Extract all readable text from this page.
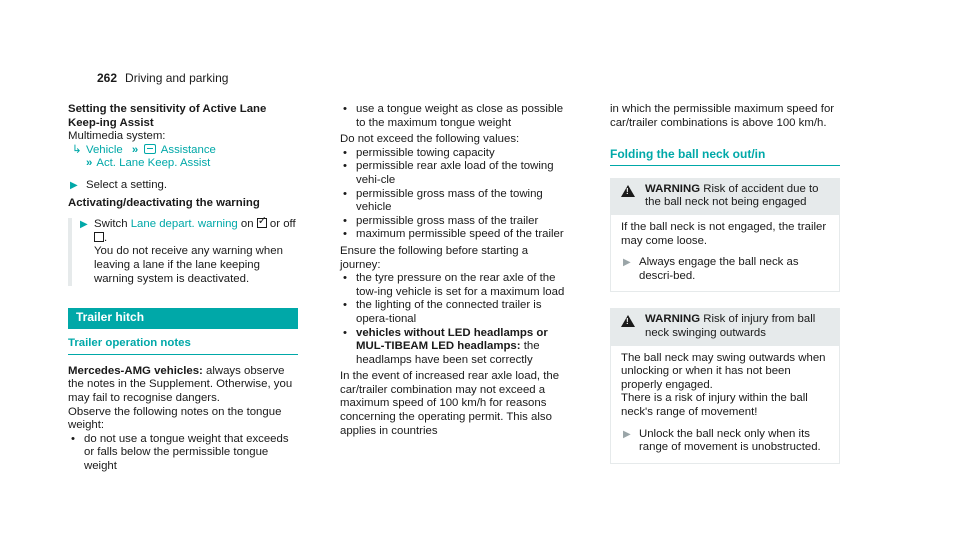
262 Driving and parking

Setting the sensitivity of Active Lane Keep-ing Assist

Multimedia system:

↳ Vehicle » Assistance
» Act. Lane Keep. Assist
▶ Select a setting.

Activating/deactivating the warning

▶ Switch Lane depart. warning on ✓ or off .

You do not receive any warning when leaving a lane if the lane keeping warning system is deactivated.

Trailer hitch
Trailer operation notes

Mercedes-AMG vehicles: always observe the notes in the Supplement. Otherwise, you may fail to recognise dangers.

Observe the following notes on the tongue weight:

• do not use a tongue weight that exceeds or falls below the permissible tongue weight
• use a tongue weight as close as possible to the maximum tongue weight

Do not exceed the following values:

• permissible towing capacity
• permissible rear axle load of the towing vehi-cle
• permissible gross mass of the towing vehicle
• permissible gross mass of the trailer
• maximum permissible speed of the trailer

Ensure the following before starting a journey:

• the tyre pressure on the rear axle of the tow-ing vehicle is set for a maximum load
• the lighting of the connected trailer is opera-tional
• vehicles without LED headlamps or MUL-TIBEAM LED headlamps: the headlamps have been set correctly

In the event of increased rear axle load, the car/trailer combination may not exceed a maximum speed of 100 km/h for reasons concerning the operating permit. This also applies in countries

in which the permissible maximum speed for car/trailer combinations is above 100 km/h.

Folding the ball neck out/in
! WARNING Risk of accident due to the ball neck not being engaged

If the ball neck is not engaged, the trailer may come loose.

▶ Always engage the ball neck as descri-bed.
! WARNING Risk of injury from ball neck swinging outwards

The ball neck may swing outwards when unlocking or when it has not been properly engaged.

There is a risk of injury within the ball neck's range of movement!

▶ Unlock the ball neck only when its range of movement is unobstructed.
